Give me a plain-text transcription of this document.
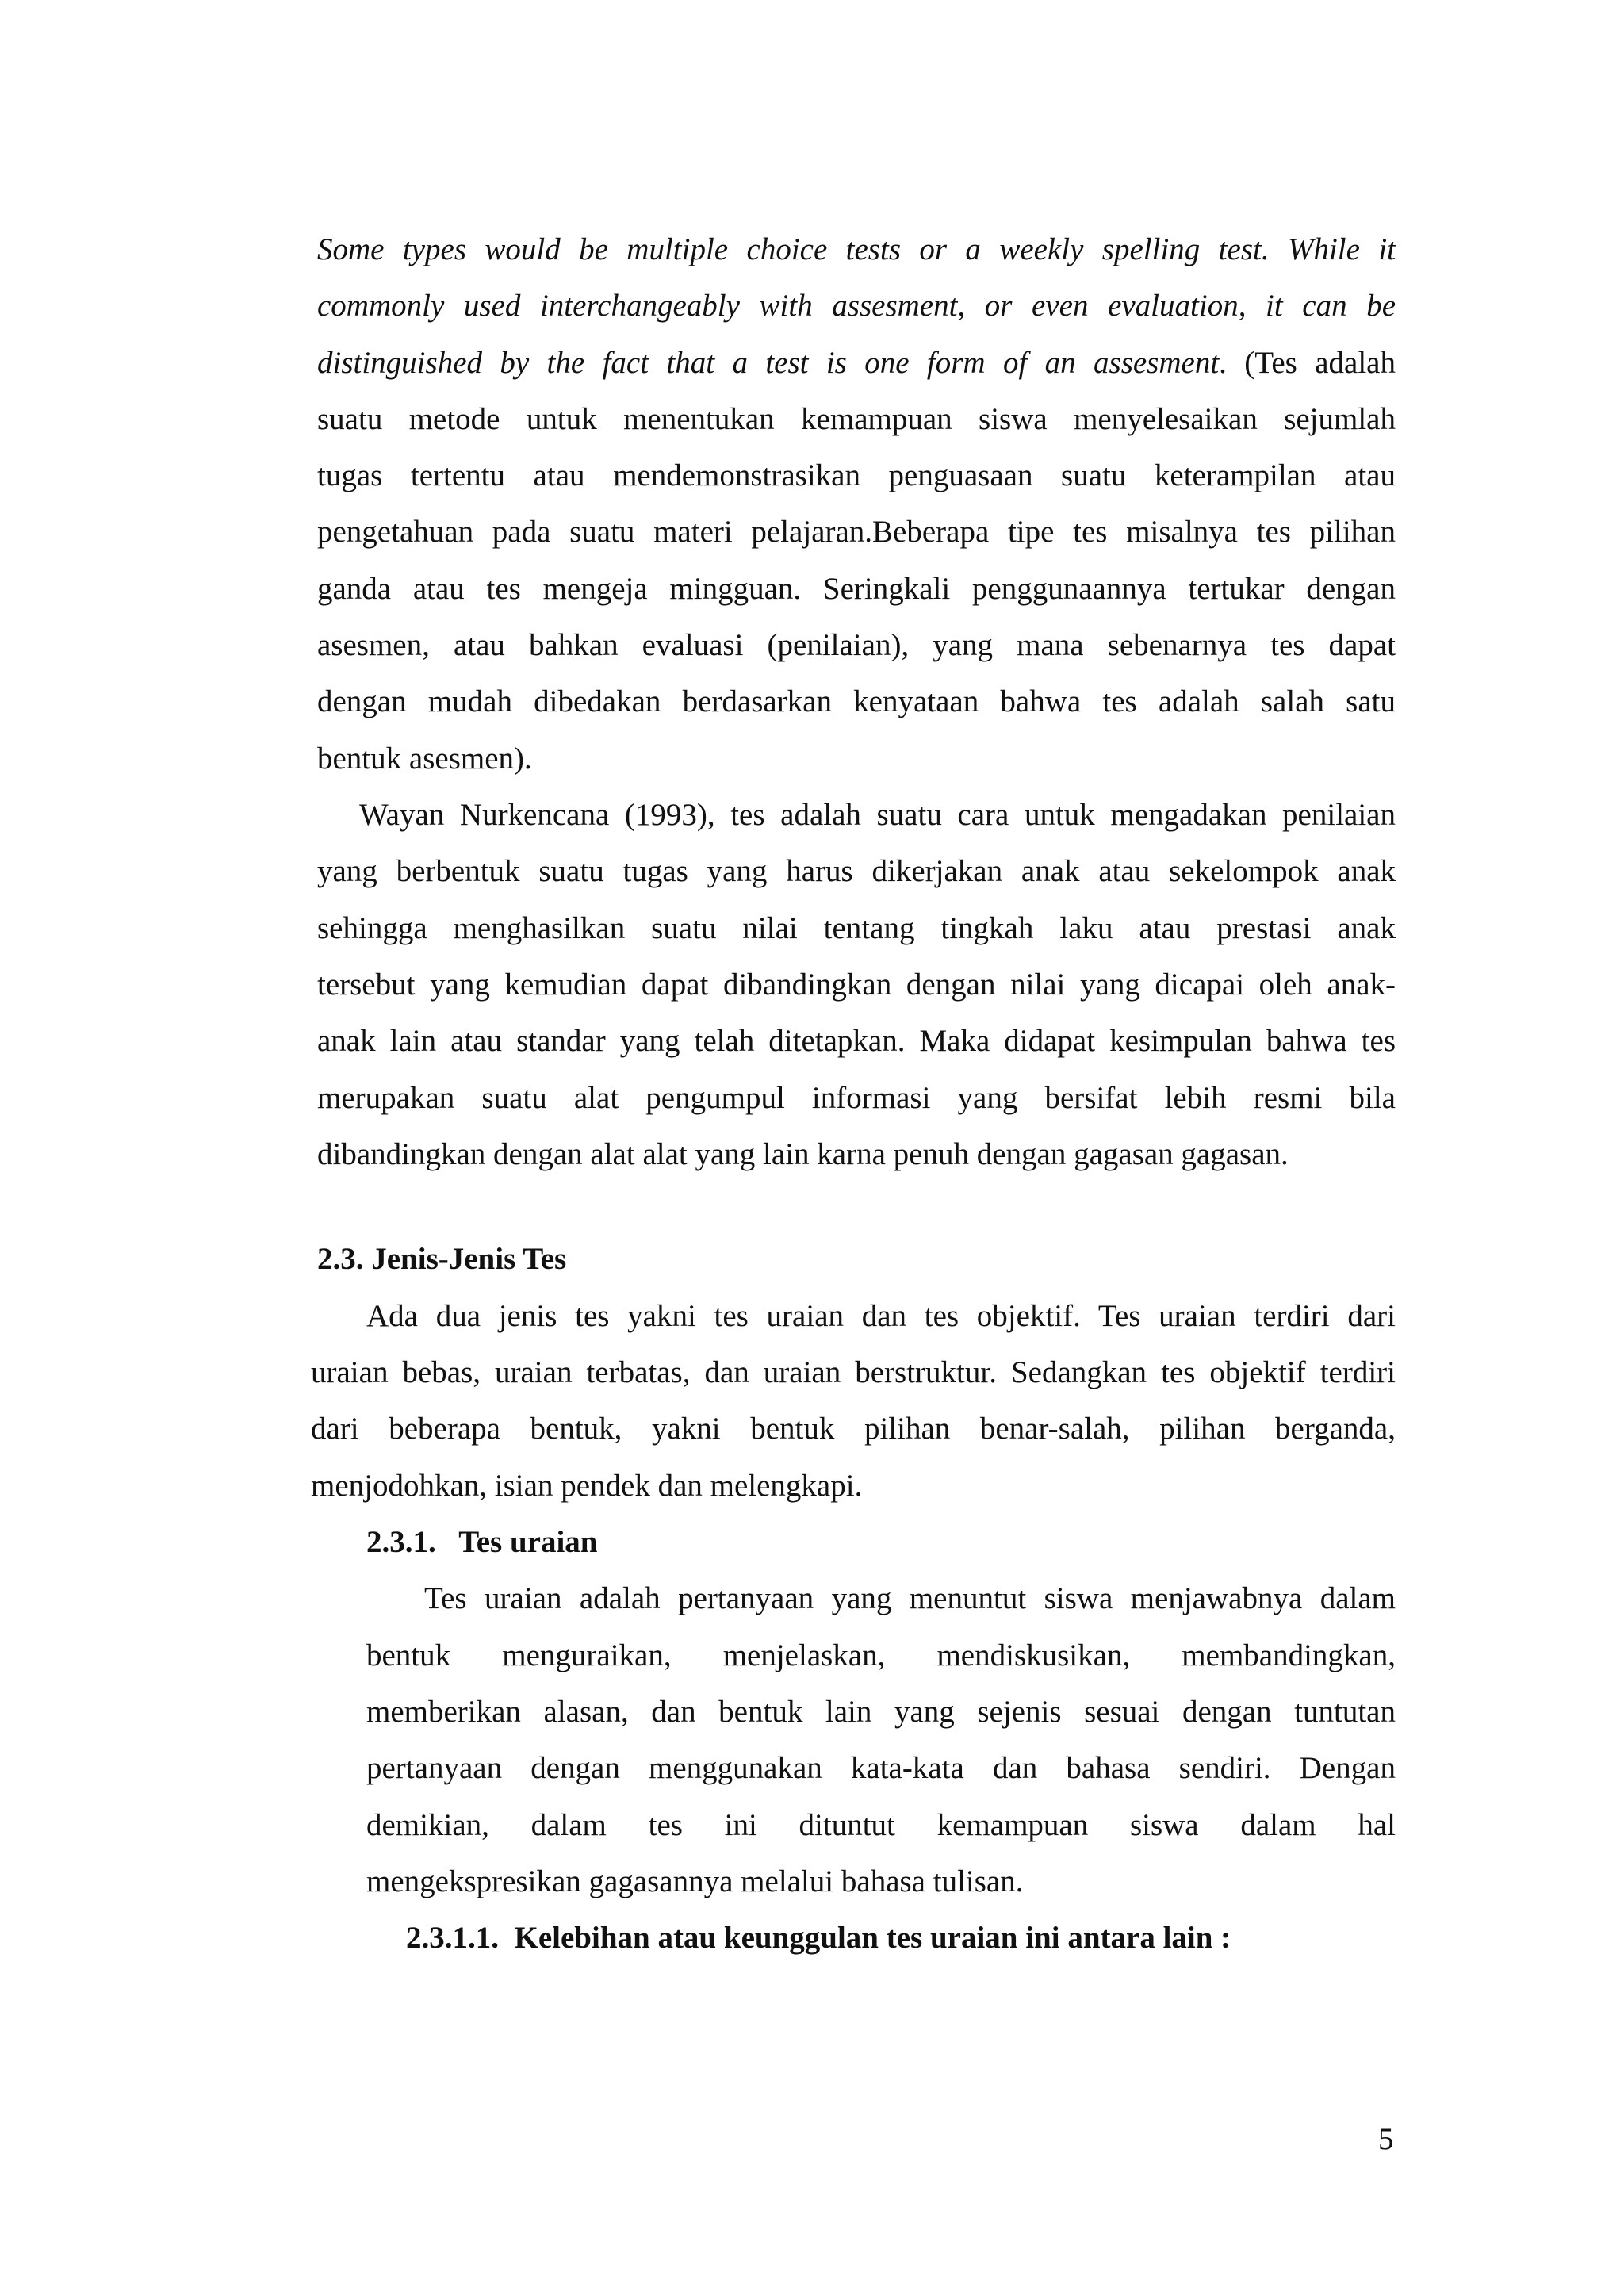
Some types would be multiple choice tests or a weekly spelling test. While it
commonly used interchangeably with assesment, or even evaluation, it can be
distinguished by the fact that a test is one form of an assesment. (Tes adalah
suatu metode untuk menentukan kemampuan siswa menyelesaikan sejumlah
tugas tertentu atau mendemonstrasikan penguasaan suatu keterampilan atau
pengetahuan pada suatu materi pelajaran.Beberapa tipe tes misalnya tes pilihan
ganda atau tes mengeja mingguan. Seringkali penggunaannya tertukar dengan
asesmen, atau bahkan evaluasi (penilaian), yang mana sebenarnya tes dapat
dengan mudah dibedakan berdasarkan kenyataan bahwa tes adalah salah satu
bentuk asesmen).
Wayan Nurkencana (1993), tes adalah suatu cara untuk mengadakan penilaian
yang berbentuk suatu tugas yang harus dikerjakan anak atau sekelompok anak
sehingga menghasilkan suatu nilai tentang tingkah laku atau prestasi anak
tersebut yang kemudian dapat dibandingkan dengan nilai yang dicapai oleh anak-
anak lain atau standar yang telah ditetapkan. Maka didapat kesimpulan bahwa tes
merupakan suatu alat pengumpul informasi yang bersifat lebih resmi bila
dibandingkan dengan alat alat yang lain karna penuh dengan gagasan gagasan.
2.3. Jenis-Jenis Tes
Ada dua jenis tes yakni tes uraian dan tes objektif. Tes uraian terdiri dari
uraian bebas, uraian terbatas, dan uraian berstruktur. Sedangkan tes objektif terdiri
dari beberapa bentuk, yakni bentuk pilihan benar-salah, pilihan berganda,
menjodohkan, isian pendek dan melengkapi.
2.3.1.   Tes uraian
Tes uraian adalah pertanyaan yang menuntut siswa menjawabnya dalam
bentuk menguraikan, menjelaskan, mendiskusikan, membandingkan,
memberikan alasan, dan bentuk lain yang sejenis sesuai dengan tuntutan
pertanyaan dengan menggunakan kata-kata dan bahasa sendiri. Dengan
demikian, dalam tes ini dituntut kemampuan siswa dalam hal
mengekspresikan gagasannya melalui bahasa tulisan.
2.3.1.1.  Kelebihan atau keunggulan tes uraian ini antara lain :
5
